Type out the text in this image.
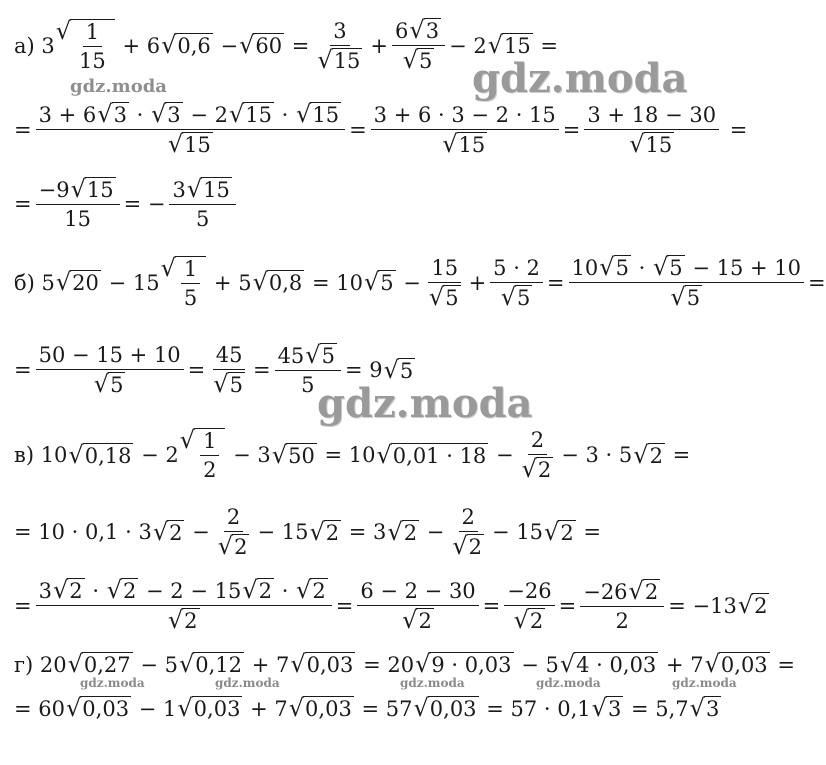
а) 3
√ $\frac{1}{15} + 6$ √ 0,6 − √ $60 = \frac{3}{√ 15} + \frac{6 √ 3}{√ 5} - 2$ √ 15 =
= $\frac{3 + 6 √ 3 \cdot √ 3 - 2 √ 15 \cdot √ 15}{√ 15} = \frac{3 + 6 \cdot 3 - 2 \cdot 15}{√ 15} = \frac{3 + 18 - 30}{√ 15}$ =
= $\frac{-9 √ 15}{15}$ = − $\frac{3 √ 15}{5}$
б) 5 √ 20 − 15
√ $\frac{1}{5} + 5$ √ 0,8 = 10 √ $5 - \frac{15}{√ 5} + \frac{5 \cdot 2}{√ 5} = \frac{10 √ 5 \cdot √ 5 - 15 + 10}{√ 5}$ =
= $\frac{50 - 15 + 10}{√ 5} = \frac{45}{√ 5} = \frac{45 √ 5}{5} = 9$ √ 5
в) 10 √ 0,18 − 2
√ $\frac{1}{2} - 3$ √ 50 = 10 √ $0,01 \cdot 18 - \frac{2}{√ 2} - 3 \cdot 5$ √ 2 =
= 10 · 0,1 · 3 √ $2 - \frac{2}{√ 2} - 15$ √ 2 = 3 √ $2 - \frac{2}{√ 2} - 15$ √ 2 =
= $\frac{3 √ 2 \cdot √ 2 - 2 - 15 √ 2 \cdot √ 2}{√ 2} = \frac{6 - 2 - 30}{√ 2} = \frac{-26}{√ 2} = \frac{-26 √ 2}{2} = -13$ √ 2
г) 20 √ 0,27 − 5 √ 0,12 + 7 √ 0,03 = 20 √ 9 · 0,03 − 5 √ 4 · 0,03 + 7 √ 0,03 =
= 60 √ 0,03 − 1 √ 0,03 + 7 √ 0,03 = 57 √ 0,03 = 57 · 0,1 √ 3 = 5,7 √ 3
gdz.moda	gdz.moda
gdz.moda
gdz.moda	gdz.moda	gdz.moda	gdz.moda	gdz.moda
